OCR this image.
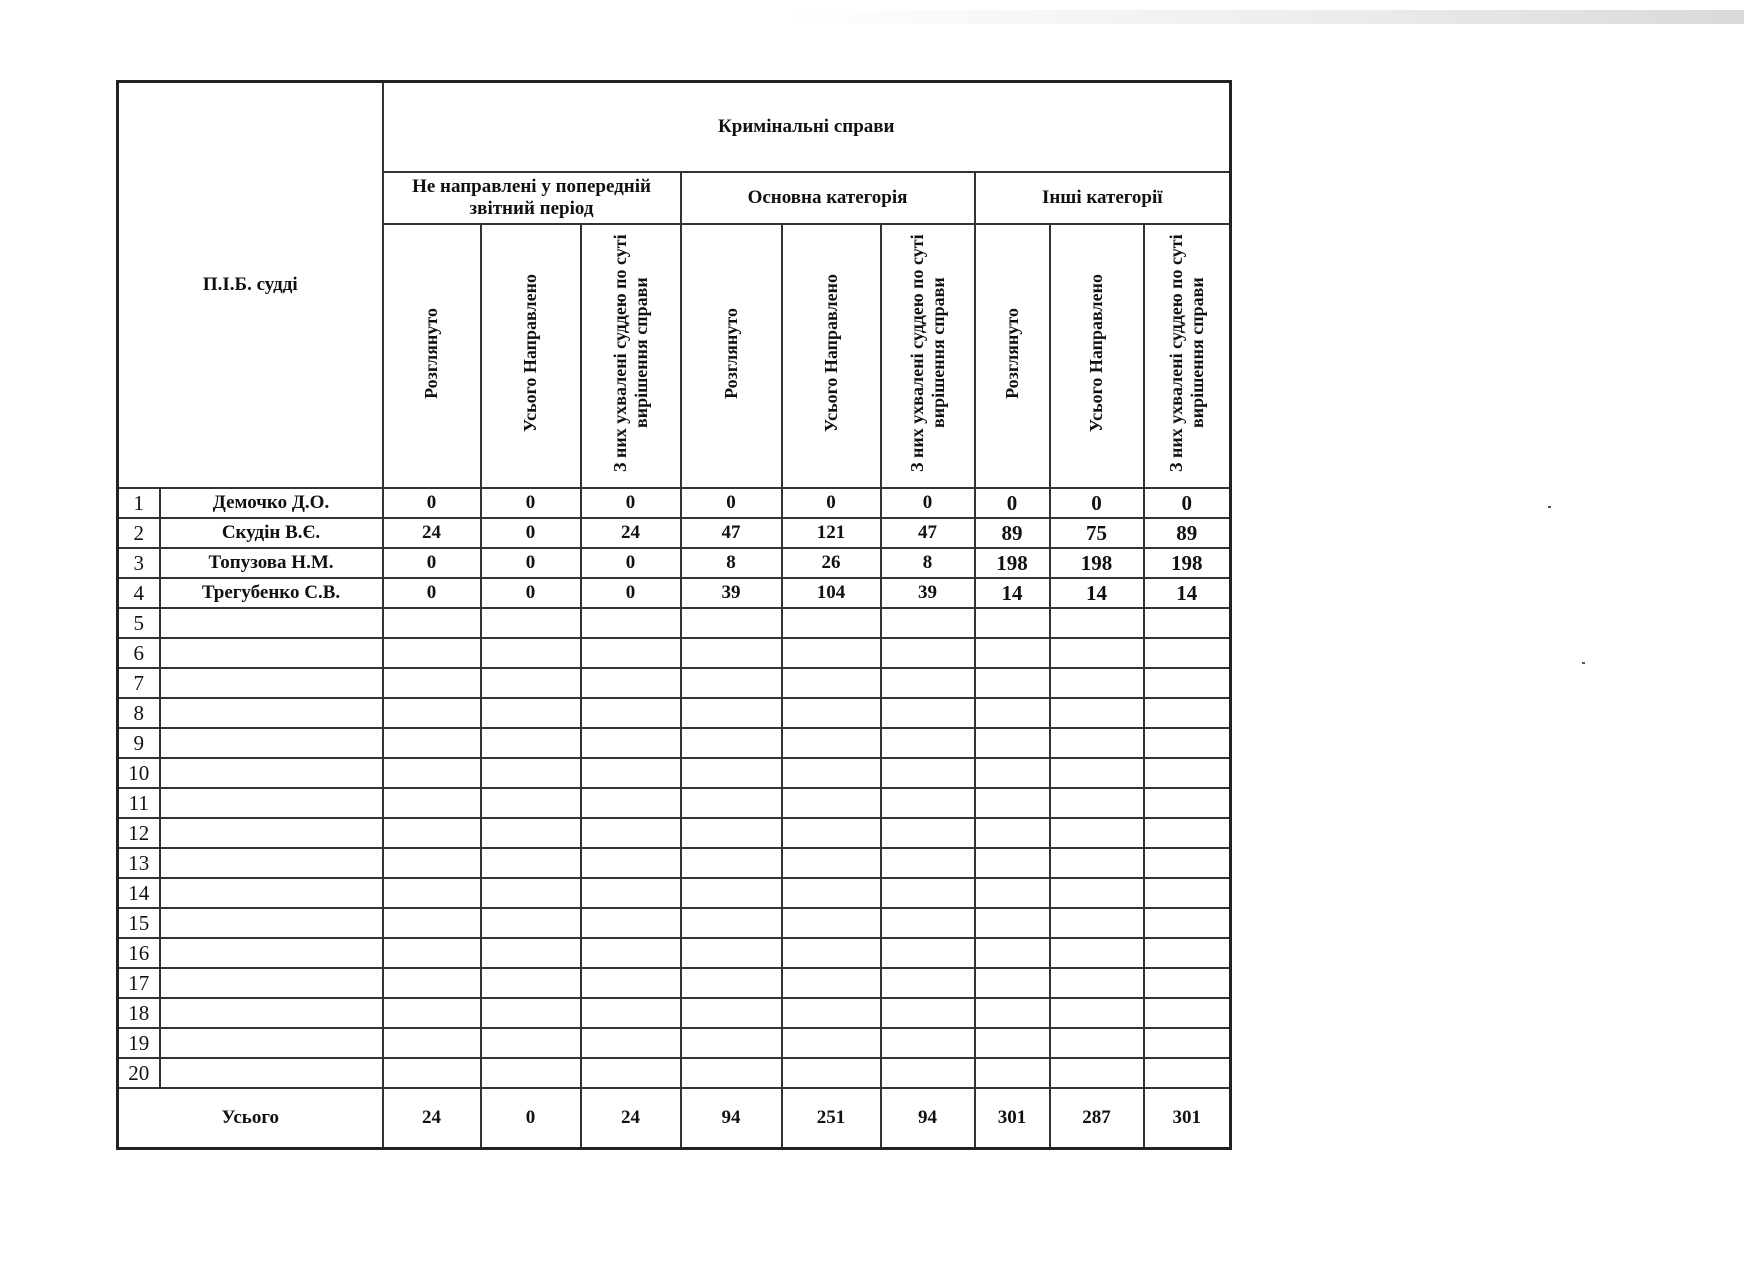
П.І.Б. судді		Кримінальні справи								
		Не направлені у попередній звітний період			Основна категорія			Інші категорії		
		Розглянуто	Усього Направлено	З них ухвалені суддею по суті вирішення справи	Розглянуто	Усього Направлено	З них ухвалені суддею по суті вирішення справи	Розглянуто	Усього Направлено	З них ухвалені суддею по суті вирішення справи
1	Демочко Д.О.	0	0	0	0	0	0	0	0	0
2	Скудін В.Є.	24	0	24	47	121	47	89	75	89
3	Топузова Н.М.	0	0	0	8	26	8	198	198	198
4	Трегубенко С.В.	0	0	0	39	104	39	14	14	14
5										
6										
7										
8										
9										
10										
11										
12										
13										
14										
15										
16										
17										
18										
19										
20										
Усього		24	0	24	94	251	94	301	287	301
